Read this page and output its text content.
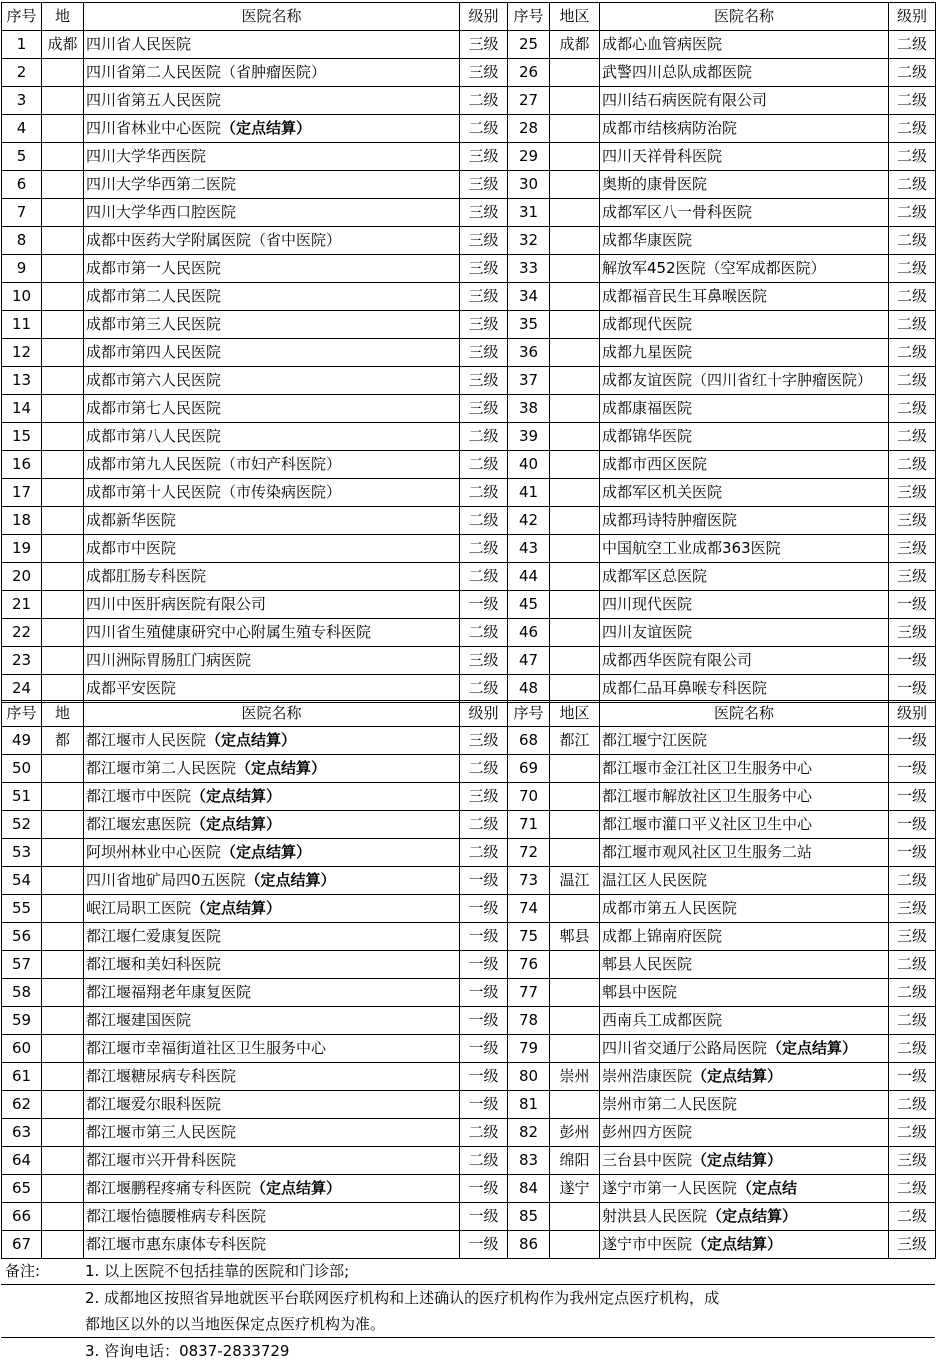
序号	地	医院名称	级别	序号	地区	医院名称	级别
1	成都	四川省人民医院	三级	25	成都	成都心血管病医院	二级
2		四川省第二人民医院（省肿瘤医院）	三级	26		武警四川总队成都医院	二级
3		四川省第五人民医院	二级	27		四川结石病医院有限公司	二级
4		四川省林业中心医院（定点结算）	二级	28		成都市结核病防治院	二级
5		四川大学华西医院	三级	29		四川天祥骨科医院	二级
6		四川大学华西第二医院	三级	30		奥斯的康骨医院	二级
7		四川大学华西口腔医院	三级	31		成都军区八一骨科医院	二级
8		成都中医药大学附属医院（省中医院）	三级	32		成都华康医院	二级
9		成都市第一人民医院	三级	33		解放军452医院（空军成都医院）	二级
10		成都市第二人民医院	三级	34		成都福音民生耳鼻喉医院	二级
11		成都市第三人民医院	三级	35		成都现代医院	二级
12		成都市第四人民医院	三级	36		成都九星医院	二级
13		成都市第六人民医院	三级	37		成都友谊医院（四川省红十字肿瘤医院）	二级
14		成都市第七人民医院	三级	38		成都康福医院	二级
15		成都市第八人民医院	二级	39		成都锦华医院	二级
16		成都市第九人民医院（市妇产科医院）	二级	40		成都市西区医院	二级
17		成都市第十人民医院（市传染病医院）	二级	41		成都军区机关医院	三级
18		成都新华医院	二级	42		成都玛诗特肿瘤医院	三级
19		成都市中医院	二级	43		中国航空工业成都363医院	三级
20		成都肛肠专科医院	二级	44		成都军区总医院	三级
21		四川中医肝病医院有限公司	一级	45		四川现代医院	一级
22		四川省生殖健康研究中心附属生殖专科医院	二级	46		四川友谊医院	三级
23		四川洲际胃肠肛门病医院	三级	47		成都西华医院有限公司	一级
24		成都平安医院	二级	48		成都仁品耳鼻喉专科医院	一级
序号	地	医院名称	级别	序号	地区	医院名称	级别
49	都	都江堰市人民医院（定点结算）	三级	68	都江	都江堰宁江医院	一级
50		都江堰市第二人民医院（定点结算）	二级	69		都江堰市金江社区卫生服务中心	一级
51		都江堰市中医院（定点结算）	三级	70		都江堰市解放社区卫生服务中心	一级
52		都江堰宏惠医院（定点结算）	二级	71		都江堰市灌口平义社区卫生中心	一级
53		阿坝州林业中心医院（定点结算）	二级	72		都江堰市观风社区卫生服务二站	一级
54		四川省地矿局四0五医院（定点结算）	一级	73	温江	温江区人民医院	二级
55		岷江局职工医院（定点结算）	一级	74		成都市第五人民医院	三级
56		都江堰仁爱康复医院	一级	75	郫县	成都上锦南府医院	三级
57		都江堰和美妇科医院	一级	76		郫县人民医院	二级
58		都江堰福翔老年康复医院	一级	77		郫县中医院	二级
59		都江堰建国医院	一级	78		西南兵工成都医院	二级
60		都江堰市幸福街道社区卫生服务中心	一级	79		四川省交通厅公路局医院（定点结算）	二级
61		都江堰糖尿病专科医院	一级	80	崇州	崇州浩康医院（定点结算）	一级
62		都江堰爱尔眼科医院	一级	81		崇州市第二人民医院	二级
63		都江堰市第三人民医院	二级	82	彭州	彭州四方医院	二级
64		都江堰市兴开骨科医院	二级	83	绵阳	三台县中医院（定点结算）	三级
65		都江堰鹏程疼痛专科医院（定点结算）	一级	84	遂宁	遂宁市第一人民医院（定点结	二级
66		都江堰怡德腰椎病专科医院	一级	85		射洪县人民医院（定点结算）	二级
67		都江堰市惠东康体专科医院	一级	86		遂宁市中医院（定点结算）	三级
备注:	1. 以上医院不包括挂靠的医院和门诊部;
2. 成都地区按照省异地就医平台联网医疗机构和上述确认的医疗机构作为我州定点医疗机构，成
都地区以外的以当地医保定点医疗机构为准。
3. 咨询电话：0837-2833729
